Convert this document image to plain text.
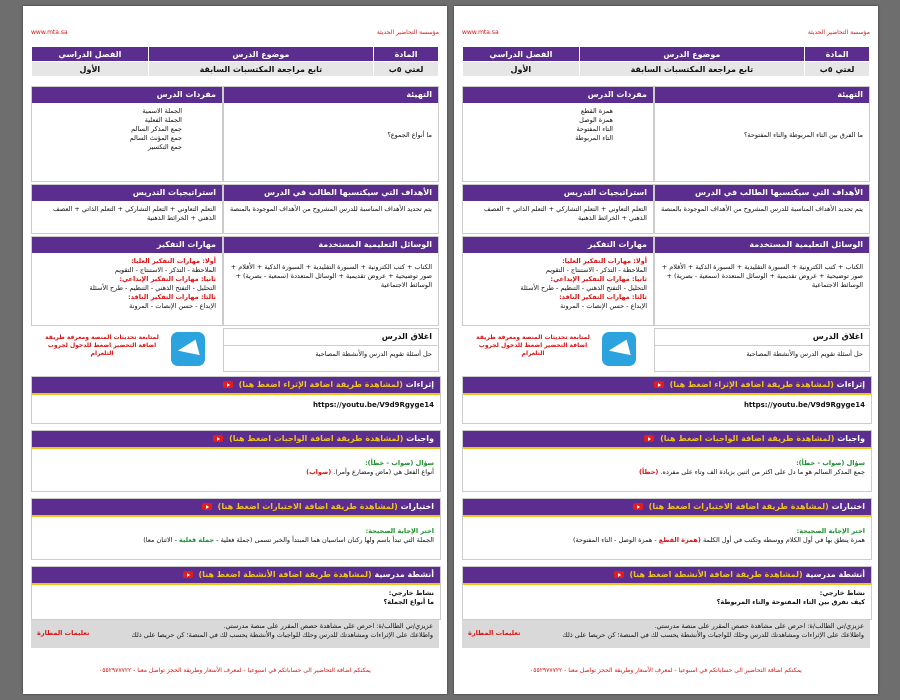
مؤسسة التحاضير الحديثة
www.mta.sa
المادة	موضوع الدرس	الفصل الدراسي
لغتي ٥ب	تابع مراجعة المكتسبات السابقة	الأول
التهيئة
ما الفرق بين التاء المربوطة والتاء المفتوحة؟
مفردات الدرس
همزة القطع
همزة الوصل
التاء المفتوحة
التاء المربوطة
الأهداف التي سيكتسبها الطالب في الدرس
يتم تحديد الأهداف المناسبة للدرس المشروح من الأهداف الموجودة بالمنصة
استراتيجيات التدريس
التعلم التعاوني + التعلم التشاركي + التعلم الذاتي + العصف الذهني + الخرائط الذهنية
الوسائل التعليمية المستخدمة
الكتاب + كتب الكترونية + السبورة التقليدية + السبورة الذكية + الأقلام + صور توضيحية + عروض تقديمية + الوسائل المتعددة (سمعية - بصرية) + الوسائط الاجتماعية
مهارات التفكير
أولا: مهارات التفكير العليا:
الملاحظة - التذكر - الاستنتاج - التقويم
ثانيا: مهارات التفكير الإبداعي:
التحليل - التفتح الذهني - التنظيم - طرح الأسئلة
ثالثا: مهارات التفكير الناقد:
الإبداع - حسن الإنصات - المرونة
اغلاق الدرس
حل أسئلة تقويم الدرس والأنشطة المصاحبة
لمتابعة تحديثات المنصة ومعرفة طريقة اضافة التحضير اضغط للدخول لجروب التلغرام
إثراءات (لمشاهدة طريقة اضافة الإثراء اضغط هنا)
https://youtu.be/V9d9Rgyge14
واجبات (لمشاهدة طريقة اضافة الواجبات اضغط هنا)
سؤال (صواب - خطأ):
جمع المذكر السالم هو ما دل على اكثر من اثنين بزيادة الف وتاء على مفرده. (خطأ)
اختبارات (لمشاهدة طريقة اضافة الاختبارات اضغط هنا)
اختر الإجابة الصحيحة:
همزة ينطق بها في أول الكلام ووسطه وتكتب في أول الكلمة (همزة القطع - همزة الوصل - التاء المفتوحة)
أنشطة مدرسية (لمشاهدة طريقة اضافة الأنشطة اضغط هنا)
نشاط خارجي:
كيف تفرق بين التاء المفتوحة والتاء المربوطة؟
تعليمات المطارة
عزيزي/تي الطالب/ة: احرص على مشاهدة حصص المقرر على منصة مدرستي.
واطلاعك على الإثراءات ومشاهدتك للدرس وحلك للواجبات والأنشطة يحسب لك في المنصة؛ كن حريصا على ذلك
يمكنكم اضافة التحاضير الى حساباتكم في اسبوعيا - لمعرف الأسعار وطريقة الحجز تواصل معنا - ٠٥٥٢٩٧٧٧٢٢
مؤسسة التحاضير الحديثة
www.mta.sa
المادة	موضوع الدرس	الفصل الدراسي
لغتي ٥ب	تابع مراجعة المكتسبات السابقة	الأول
التهيئة
ما أنواع الجموع؟
مفردات الدرس
الجملة الاسمية
الجملة الفعلية
جمع المذكر السالم
جمع المؤنث السالم
جمع التكسير
الأهداف التي سيكتسبها الطالب في الدرس
يتم تحديد الأهداف المناسبة للدرس المشروح من الأهداف الموجودة بالمنصة
استراتيجيات التدريس
التعلم التعاوني + التعلم التشاركي + التعلم الذاتي + العصف الذهني + الخرائط الذهنية
الوسائل التعليمية المستخدمة
الكتاب + كتب الكترونية + السبورة التقليدية + السبورة الذكية + الأقلام + صور توضيحية + عروض تقديمية + الوسائل المتعددة (سمعية - بصرية) + الوسائط الاجتماعية
مهارات التفكير
أولا: مهارات التفكير العليا:
الملاحظة - التذكر - الاستنتاج - التقويم
ثانيا: مهارات التفكير الإبداعي:
التحليل - التفتح الذهني - التنظيم - طرح الأسئلة
ثالثا: مهارات التفكير الناقد:
الإبداع - حسن الإنصات - المرونة
اغلاق الدرس
حل أسئلة تقويم الدرس والأنشطة المصاحبة
لمتابعة تحديثات المنصة ومعرفة طريقة اضافة التحضير اضغط للدخول لجروب التلغرام
إثراءات (لمشاهدة طريقة اضافة الإثراء اضغط هنا)
https://youtu.be/V9d9Rgyge14
واجبات (لمشاهدة طريقة اضافة الواجبات اضغط هنا)
سؤال (صواب - خطأ):
أنواع الفعل هي (ماض ومضارع وأمر). (صواب)
اختبارات (لمشاهدة طريقة اضافة الاختبارات اضغط هنا)
اختر الإجابة الصحيحة:
الجملة التي تبدأ باسم ولها ركنان اساسيان هما المبتدأ والخبر تسمى (جملة فعلية - جملة قعلية - الاثنان معا)
أنشطة مدرسية (لمشاهدة طريقة اضافة الأنشطة اضغط هنا)
نشاط خارجي:
ما أنواع الجملة؟
تعليمات المطارة
عزيزي/تي الطالب/ة: احرص على مشاهدة حصص المقرر على منصة مدرستي.
واطلاعك على الإثراءات ومشاهدتك للدرس وحلك للواجبات والأنشطة يحسب لك في المنصة؛ كن حريصا على ذلك
يمكنكم اضافة التحاضير الى حساباتكم في اسبوعيا - لمعرف الأسعار وطريقة الحجز تواصل معنا - ٠٥٥٢٩٧٧٧٢٢
